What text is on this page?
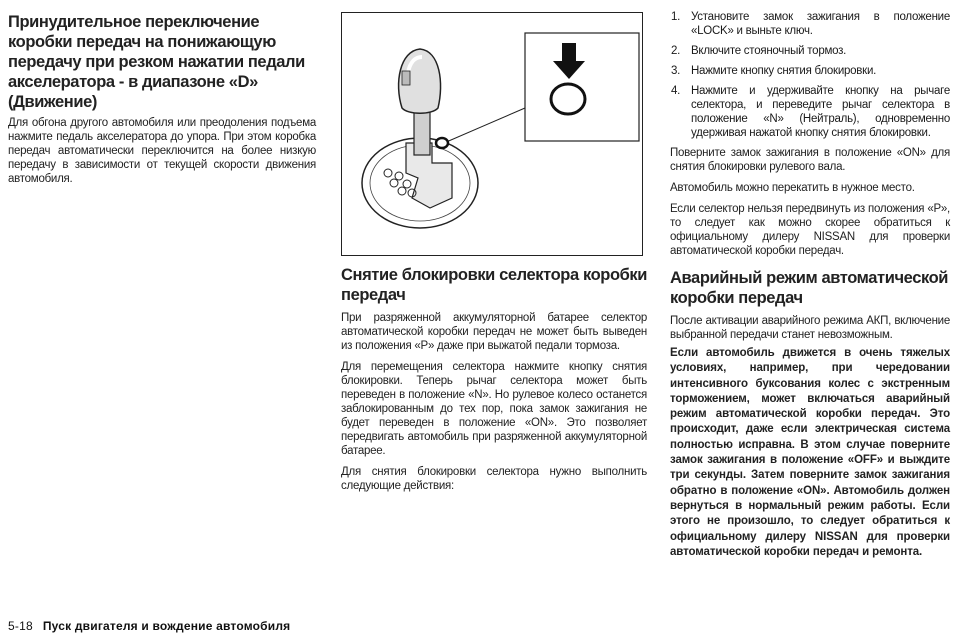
Принудительное переключение коробки передач на понижающую передачу при резком нажатии педали акселератора - в диапазоне «D» (Движение)

Для обгона другого автомобиля или преодоления подъема нажмите педаль акселератора до упора. При этом коробка передач автоматически переключится на более низкую передачу в зависимости от текущей скорости движения автомобиля.

Снятие блокировки селектора коробки передач

При разряженной аккумуляторной батарее селектор автоматической коробки передач не может быть выведен из положения «P» даже при выжатой педали тормоза.

Для перемещения селектора нажмите кнопку снятия блокировки. Теперь рычаг селектора может быть переведен в положение «N». Но рулевое колесо останется заблокированным до тех пор, пока замок зажигания не будет переведен в положение «ON». Это позволяет передвигать автомобиль при разряженной аккумуляторной батарее.

Для снятия блокировки селектора нужно выполнить следующие действия:

1. Установите замок зажигания в положение «LOCK» и выньте ключ.
2. Включите стояночный тормоз.
3. Нажмите кнопку снятия блокировки.
4. Нажмите и удерживайте кнопку на рычаге селектора, и переведите рычаг селектора в положение «N» (Нейтраль), одновременно удерживая нажатой кнопку снятия блокировки.

Поверните замок зажигания в положение «ON» для снятия блокировки рулевого вала.

Автомобиль можно перекатить в нужное место.

Если селектор нельзя передвинуть из положения «P», то следует как можно скорее обратиться к официальному дилеру NISSAN для проверки автоматической коробки передач.

Аварийный режим автоматической коробки передач

После активации аварийного режима АКП, включение выбранной передачи станет невозможным.

Если автомобиль движется в очень тяжелых условиях, например, при чередовании интенсивного буксования колес с экстренным торможением, может включаться аварийный режим автоматической коробки передач. Это происходит, даже если электрическая система полностью исправна. В этом случае поверните замок зажигания в положение «OFF» и выждите три секунды. Затем поверните замок зажигания обратно в положение «ON». Автомобиль должен вернуться в нормальный режим работы. Если этого не произошло, то следует обратиться к официальному дилеру NISSAN для проверки автоматической коробки передач и ремонта.

5-18 Пуск двигателя и вождение автомобиля
